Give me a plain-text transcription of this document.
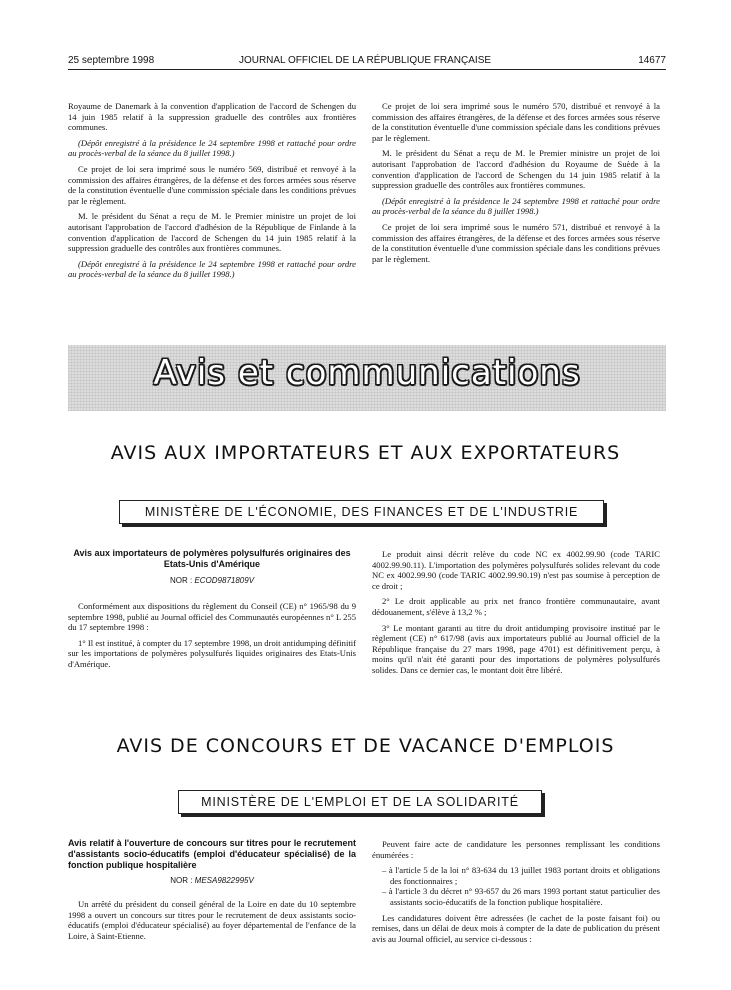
25 septembre 1998	JOURNAL OFFICIEL DE LA RÉPUBLIQUE FRANÇAISE	14677

Royaume de Danemark à la convention d'application de l'accord de Schengen du 14 juin 1985 relatif à la suppression graduelle des contrôles aux frontières communes.

(Dépôt enregistré à la présidence le 24 septembre 1998 et rattaché pour ordre au procès-verbal de la séance du 8 juillet 1998.)

Ce projet de loi sera imprimé sous le numéro 569, distribué et renvoyé à la commission des affaires étrangères, de la défense et des forces armées sous réserve de la constitution éventuelle d'une commission spéciale dans les conditions prévues par le règlement.

M. le président du Sénat a reçu de M. le Premier ministre un projet de loi autorisant l'approbation de l'accord d'adhésion de la République de Finlande à la convention d'application de l'accord de Schengen du 14 juin 1985 relatif à la suppression graduelle des contrôles aux frontières communes.

(Dépôt enregistré à la présidence le 24 septembre 1998 et rattaché pour ordre au procès-verbal de la séance du 8 juillet 1998.)

Ce projet de loi sera imprimé sous le numéro 570, distribué et renvoyé à la commission des affaires étrangères, de la défense et des forces armées sous réserve de la constitution éventuelle d'une commission spéciale dans les conditions prévues par le règlement.

M. le président du Sénat a reçu de M. le Premier ministre un projet de loi autorisant l'approbation de l'accord d'adhésion du Royaume de Suède à la convention d'application de l'accord de Schengen du 14 juin 1985 relatif à la suppression graduelle des contrôles aux frontières communes.

(Dépôt enregistré à la présidence le 24 septembre 1998 et rattaché pour ordre au procès-verbal de la séance du 8 juillet 1998.)

Ce projet de loi sera imprimé sous le numéro 571, distribué et renvoyé à la commission des affaires étrangères, de la défense et des forces armées sous réserve de la constitution éventuelle d'une commission spéciale dans les conditions prévues par le règlement.

Avis et communications
AVIS AUX IMPORTATEURS ET AUX EXPORTATEURS
MINISTÈRE DE L'ÉCONOMIE, DES FINANCES ET DE L'INDUSTRIE
Avis aux importateurs de polymères polysulfurés originaires des Etats-Unis d'Amérique
NOR : ECOD9871809V

Conformément aux dispositions du règlement du Conseil (CE) n° 1965/98 du 9 septembre 1998, publié au Journal officiel des Communautés européennes n° L 255 du 17 septembre 1998 :

1° Il est institué, à compter du 17 septembre 1998, un droit antidumping définitif sur les importations de polymères polysulfurés liquides originaires des Etats-Unis d'Amérique.

Le produit ainsi décrit relève du code NC ex 4002.99.90 (code TARIC 4002.99.90.11). L'importation des polymères polysulfurés solides relevant du code NC ex 4002.99.90 (code TARIC 4002.99.90.19) n'est pas soumise à perception de ce droit ;

2° Le droit applicable au prix net franco frontière communautaire, avant dédouanement, s'élève à 13,2 % ;

3° Le montant garanti au titre du droit antidumping provisoire institué par le règlement (CE) n° 617/98 (avis aux importateurs publié au Journal officiel de la République française du 27 mars 1998, page 4701) est définitivement perçu, à moins qu'il n'ait été garanti pour des importations de polymères polysulfurés solides. Dans ce dernier cas, le montant doit être libéré.

AVIS DE CONCOURS ET DE VACANCE D'EMPLOIS
MINISTÈRE DE L'EMPLOI ET DE LA SOLIDARITÉ
Avis relatif à l'ouverture de concours sur titres pour le recrutement d'assistants socio-éducatifs (emploi d'éducateur spécialisé) de la fonction publique hospitalière
NOR : MESA9822995V

Un arrêté du président du conseil général de la Loire en date du 10 septembre 1998 a ouvert un concours sur titres pour le recrutement de deux assistants socio-éducatifs (emploi d'éducateur spécialisé) au foyer départemental de l'enfance de la Loire, à Saint-Etienne.

Peuvent faire acte de candidature les personnes remplissant les conditions énumérées :

– à l'article 5 de la loi n° 83-634 du 13 juillet 1983 portant droits et obligations des fonctionnaires ;
– à l'article 3 du décret n° 93-657 du 26 mars 1993 portant statut particulier des assistants socio-éducatifs de la fonction publique hospitalière.

Les candidatures doivent être adressées (le cachet de la poste faisant foi) ou remises, dans un délai de deux mois à compter de la date de publication du présent avis au Journal officiel, au service ci-dessous :
